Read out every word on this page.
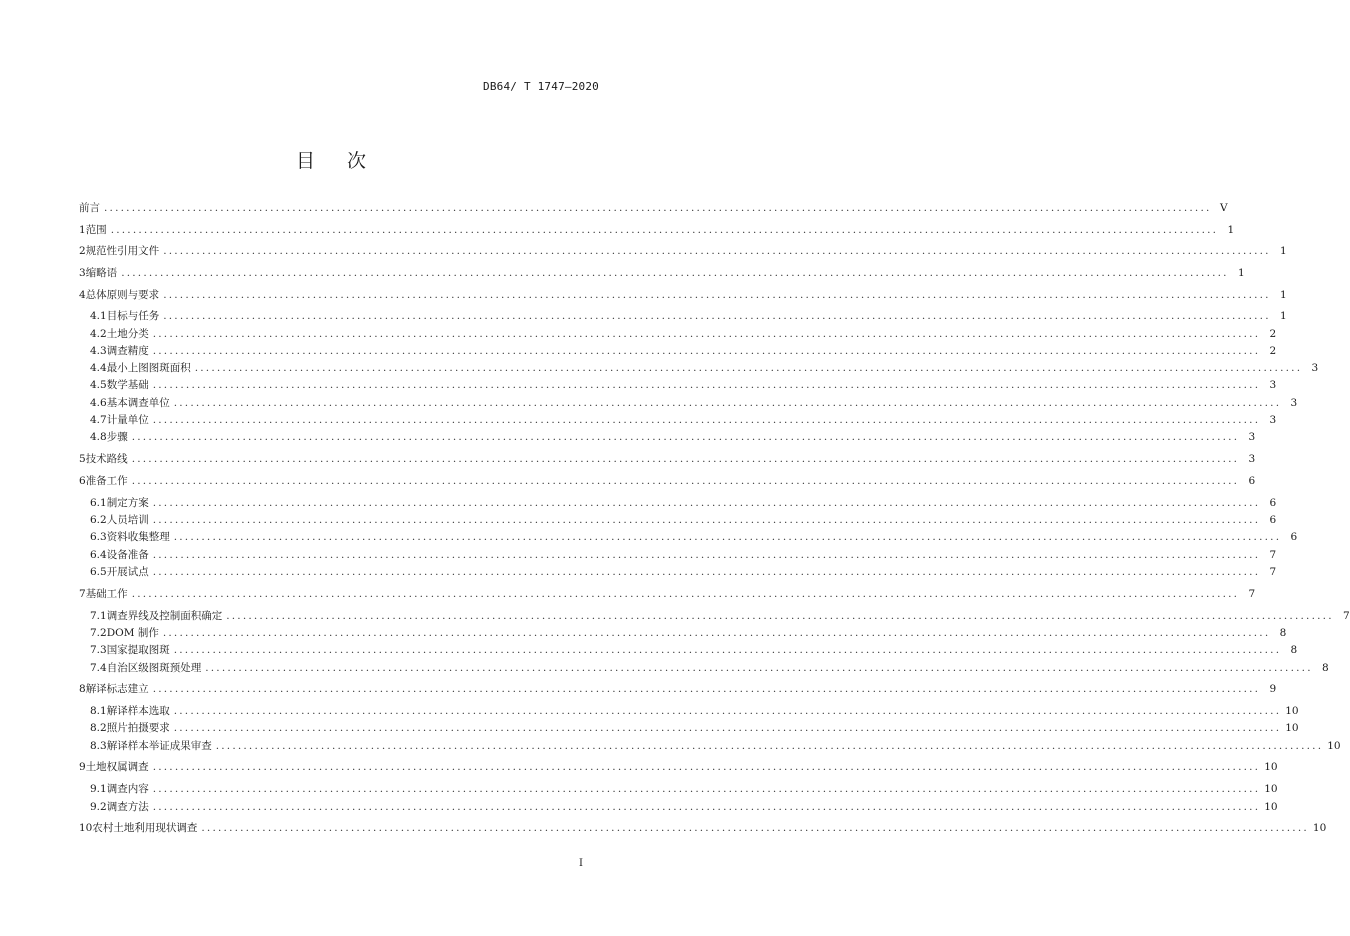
DB64/ T 1747—2020
目 次
前言 ........................................................................................................................................................................................................ V
1 范围 ........................................................................................................................................................................................................ 1
2 规范性引用文件 ........................................................................................................................................................................................................ 1
3 缩略语 ........................................................................................................................................................................................................ 1
4 总体原则与要求 ........................................................................................................................................................................................................ 1
4.1 目标与任务 ........................................................................................................................................................................................................ 1
4.2 土地分类 ........................................................................................................................................................................................................ 2
4.3 调查精度 ........................................................................................................................................................................................................ 2
4.4 最小上图图斑面积 ........................................................................................................................................................................................................ 3
4.5 数学基础 ........................................................................................................................................................................................................ 3
4.6 基本调查单位 ........................................................................................................................................................................................................ 3
4.7 计量单位 ........................................................................................................................................................................................................ 3
4.8 步骤 ........................................................................................................................................................................................................ 3
5 技术路线 ........................................................................................................................................................................................................ 3
6 准备工作 ........................................................................................................................................................................................................ 6
6.1 制定方案 ........................................................................................................................................................................................................ 6
6.2 人员培训 ........................................................................................................................................................................................................ 6
6.3 资料收集整理 ........................................................................................................................................................................................................ 6
6.4 设备准备 ........................................................................................................................................................................................................ 7
6.5 开展试点 ........................................................................................................................................................................................................ 7
7 基础工作 ........................................................................................................................................................................................................ 7
7.1 调查界线及控制面积确定 ........................................................................................................................................................................................................ 7
7.2 DOM 制作 ........................................................................................................................................................................................................ 8
7.3 国家提取图斑 ........................................................................................................................................................................................................ 8
7.4 自治区级图斑预处理 ........................................................................................................................................................................................................ 8
8 解译标志建立 ........................................................................................................................................................................................................ 9
8.1 解译样本选取 ........................................................................................................................................................................................................ 10
8.2 照片拍摄要求 ........................................................................................................................................................................................................ 10
8.3 解译样本举证成果审查 ........................................................................................................................................................................................................ 10
9 土地权属调查 ........................................................................................................................................................................................................ 10
9.1 调查内容 ........................................................................................................................................................................................................ 10
9.2 调查方法 ........................................................................................................................................................................................................ 10
10 农村土地利用现状调查 ........................................................................................................................................................................................................ 10
I
